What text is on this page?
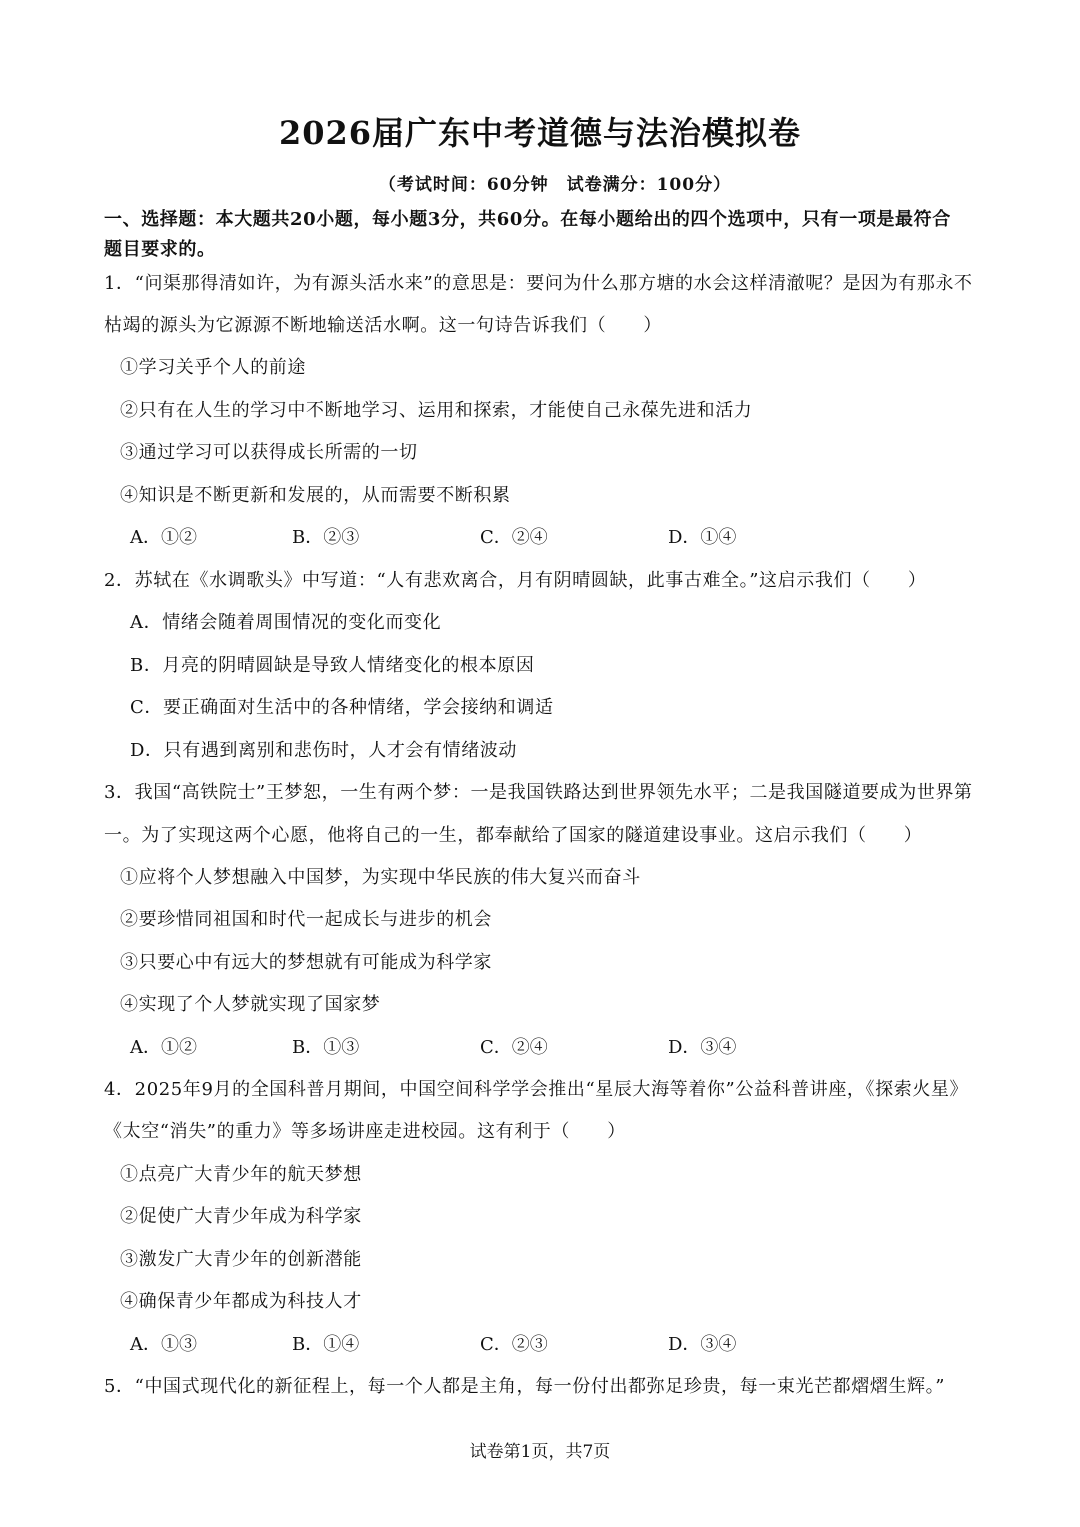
2026届广东中考道德与法治模拟卷
（考试时间：60分钟　试卷满分：100分）
一、选择题：本大题共20小题，每小题3分，共60分。在每小题给出的四个选项中，只有一项是最符合
题目要求的。
1．“问渠那得清如许，为有源头活水来”的意思是：要问为什么那方塘的水会这样清澈呢？是因为有那永不
枯竭的源头为它源源不断地输送活水啊。这一句诗告诉我们（　　）
①学习关乎个人的前途
②只有在人生的学习中不断地学习、运用和探索，才能使自己永葆先进和活力
③通过学习可以获得成长所需的一切
④知识是不断更新和发展的，从而需要不断积累
A．①②	B．②③	C．②④	D．①④
2．苏轼在《水调歌头》中写道：“人有悲欢离合，月有阴晴圆缺，此事古难全。”这启示我们（　　）
A．情绪会随着周围情况的变化而变化
B．月亮的阴晴圆缺是导致人情绪变化的根本原因
C．要正确面对生活中的各种情绪，学会接纳和调适
D．只有遇到离别和悲伤时，人才会有情绪波动
3．我国“高铁院士”王梦恕，一生有两个梦：一是我国铁路达到世界领先水平；二是我国隧道要成为世界第
一。为了实现这两个心愿，他将自己的一生，都奉献给了国家的隧道建设事业。这启示我们（　　）
①应将个人梦想融入中国梦，为实现中华民族的伟大复兴而奋斗
②要珍惜同祖国和时代一起成长与进步的机会
③只要心中有远大的梦想就有可能成为科学家
④实现了个人梦就实现了国家梦
A．①②	B．①③	C．②④	D．③④
4．2025年9月的全国科普月期间，中国空间科学学会推出“星辰大海等着你”公益科普讲座，《探索火星》
《太空“消失”的重力》等多场讲座走进校园。这有利于（　　）
①点亮广大青少年的航天梦想
②促使广大青少年成为科学家
③激发广大青少年的创新潜能
④确保青少年都成为科技人才
A．①③	B．①④	C．②③	D．③④
5．“中国式现代化的新征程上，每一个人都是主角，每一份付出都弥足珍贵，每一束光芒都熠熠生辉。”
试卷第1页，共7页
